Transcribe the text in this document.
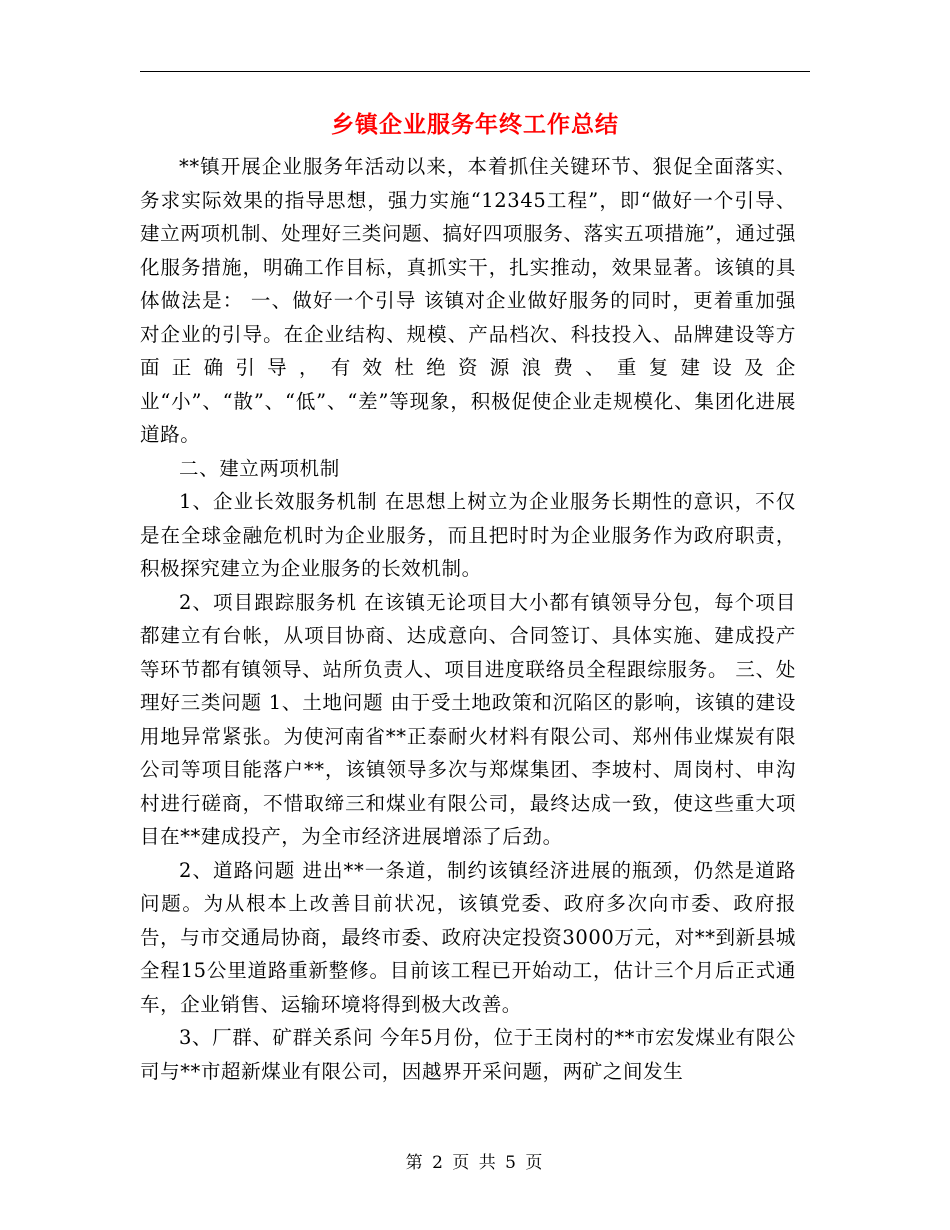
乡镇企业服务年终工作总结

**镇开展企业服务年活动以来，本着抓住关键环节、狠促全面落实、务求实际效果的指导思想，强力实施“12345工程”，即“做好一个引导、建立两项机制、处理好三类问题、搞好四项服务、落实五项措施”，通过强化服务措施，明确工作目标，真抓实干，扎实推动，效果显著。该镇的具体做法是： 一、做好一个引导 该镇对企业做好服务的同时，更着重加强对企业的引导。在企业结构、规模、产品档次、科技投入、品牌建设等方面正确引导，有效杜绝资源浪费、重复建设及企业“小”、“散”、“低”、“差”等现象，积极促使企业走规模化、集团化进展道路。

二、建立两项机制

1、企业长效服务机制 在思想上树立为企业服务长期性的意识，不仅是在全球金融危机时为企业服务，而且把时时为企业服务作为政府职责，积极探究建立为企业服务的长效机制。

2、项目跟踪服务机 在该镇无论项目大小都有镇领导分包，每个项目都建立有台帐，从项目协商、达成意向、合同签订、具体实施、建成投产等环节都有镇领导、站所负责人、项目进度联络员全程跟综服务。 三、处理好三类问题 1、土地问题 由于受土地政策和沉陷区的影响，该镇的建设用地异常紧张。为使河南省**正泰耐火材料有限公司、郑州伟业煤炭有限公司等项目能落户**，该镇领导多次与郑煤集团、李坡村、周岗村、申沟村进行磋商，不惜取缔三和煤业有限公司，最终达成一致，使这些重大项目在**建成投产，为全市经济进展增添了后劲。

2、道路问题 进出**一条道，制约该镇经济进展的瓶颈，仍然是道路问题。为从根本上改善目前状况，该镇党委、政府多次向市委、政府报告，与市交通局协商，最终市委、政府决定投资3000万元，对**到新县城全程15公里道路重新整修。目前该工程已开始动工，估计三个月后正式通车，企业销售、运输环境将得到极大改善。

3、厂群、矿群关系问 今年5月份，位于王岗村的**市宏发煤业有限公司与**市超新煤业有限公司，因越界开采问题，两矿之间发生

第 2 页 共 5 页
